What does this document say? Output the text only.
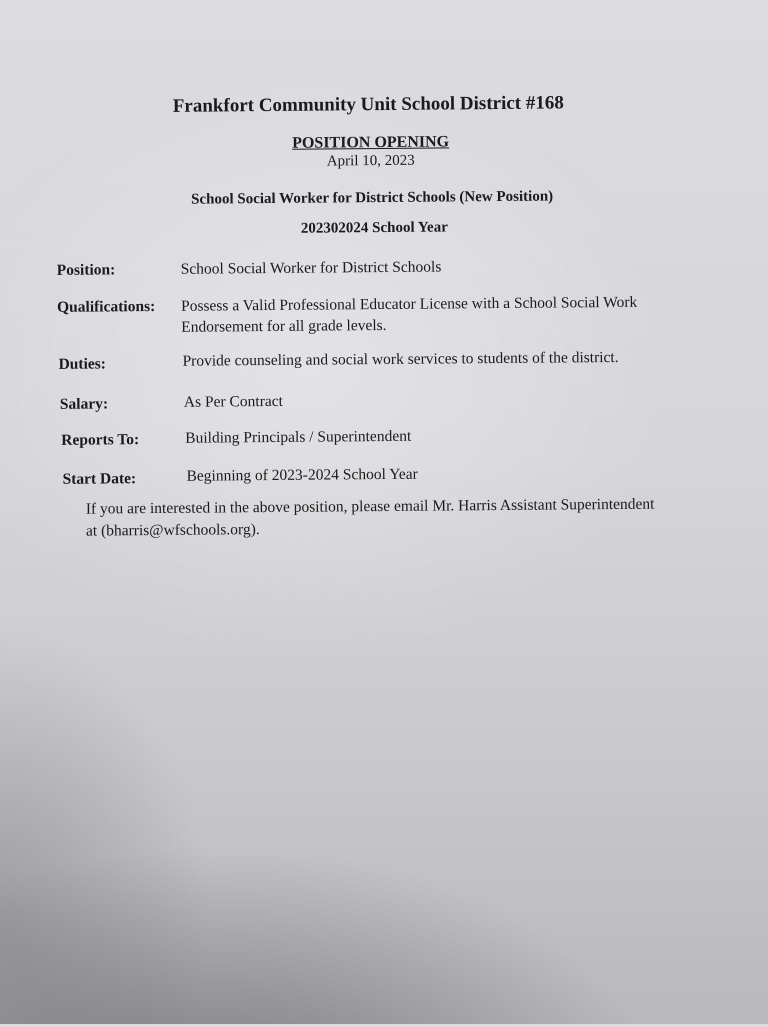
Frankfort Community Unit School District #168
POSITION OPENING
April 10, 2023
School Social Worker for District Schools (New Position)
202302024 School Year
Position:	School Social Worker for District Schools
Qualifications: Possess a Valid Professional Educator License with a School Social Work
Endorsement for all grade levels.
Duties:	Provide counseling and social work services to students of the district.
Salary:	As Per Contract
Reports To:	Building Principals / Superintendent
Start Date:	Beginning of 2023-2024 School Year
If you are interested in the above position, please email Mr. Harris Assistant Superintendent
at (bharris@wfschools.org).
